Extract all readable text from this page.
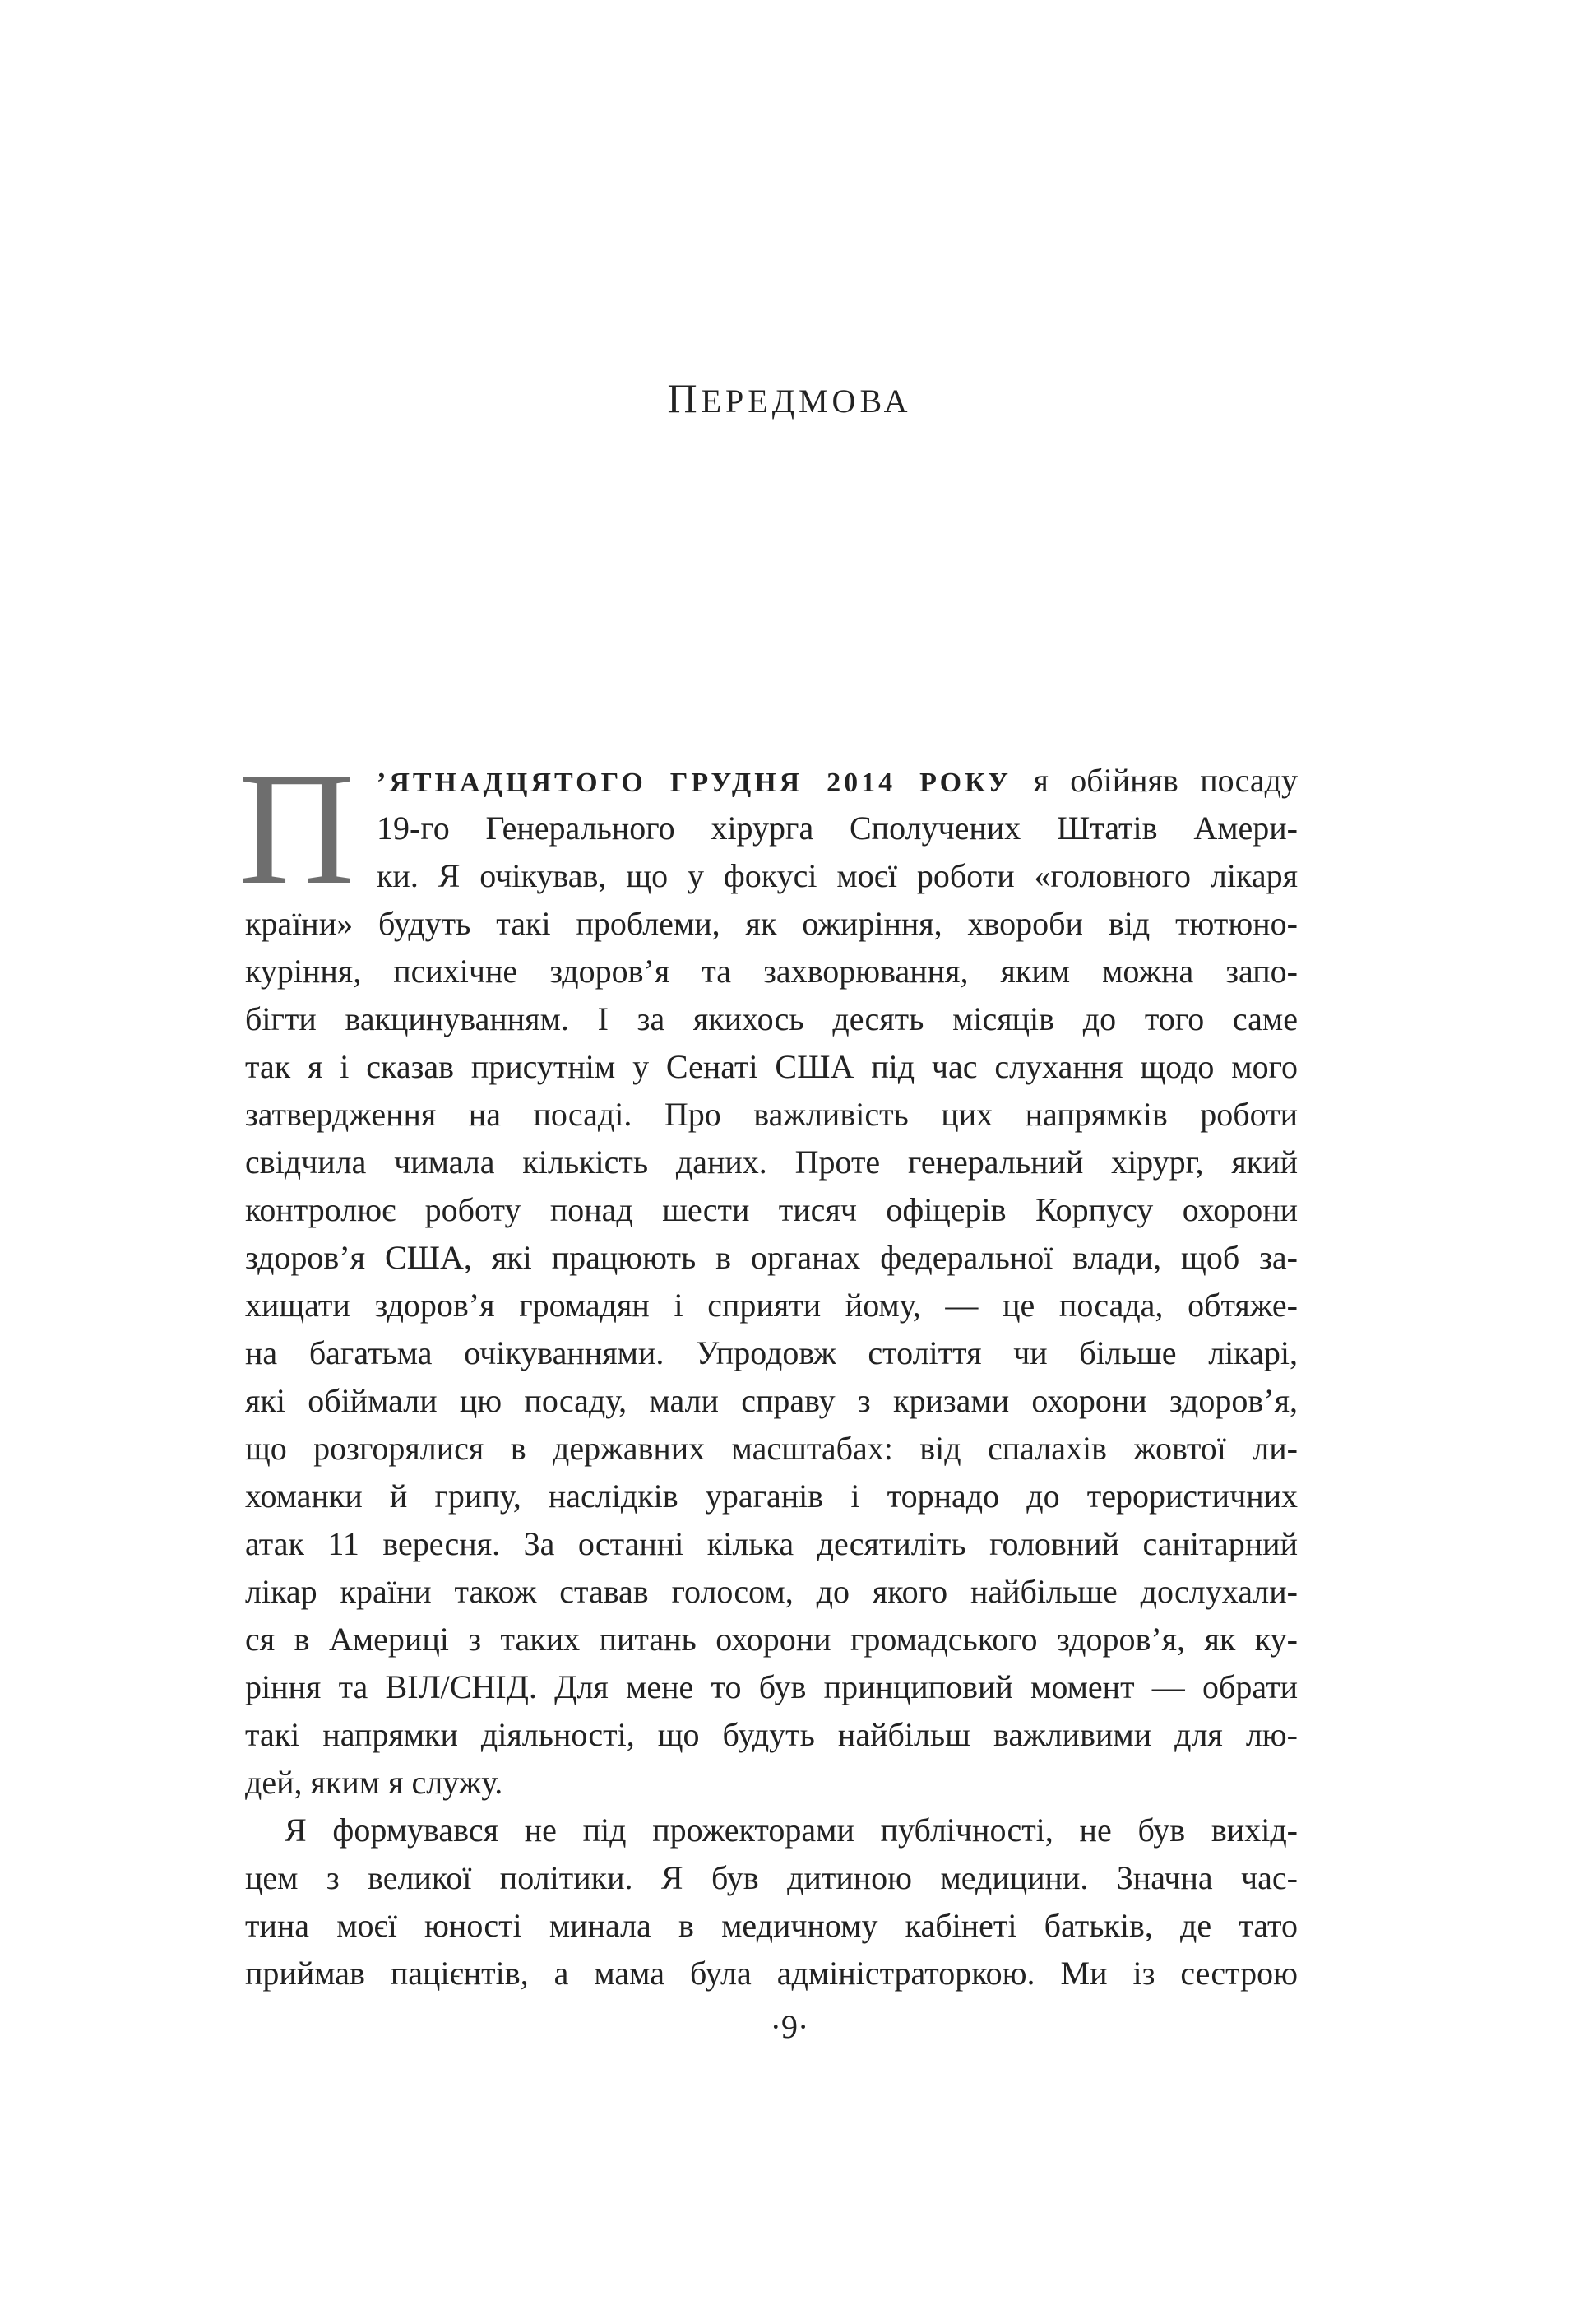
ПЕРЕДМОВА
П ’ЯТНАДЦЯТОГО ГРУДНЯ 2014 РОКУ я обійняв посаду
19-го Генерального хірурга Сполучених Штатів Амери-
ки. Я очікував, що у фокусі моєї роботи «головного лікаря
країни» будуть такі проблеми, як ожиріння, хвороби від тютюно-
куріння, психічне здоров’я та захворювання, яким можна запо-
бігти вакцинуванням. І за якихось десять місяців до того саме
так я і сказав присутнім у Сенаті США під час слухання щодо мого
затвердження на посаді. Про важливість цих напрямків роботи
свідчила чимала кількість даних. Проте генеральний хірург, який
контролює роботу понад шести тисяч офіцерів Корпусу охорони
здоров’я США, які працюють в органах федеральної влади, щоб за-
хищати здоров’я громадян і сприяти йому, — це посада, обтяже-
на багатьма очікуваннями. Упродовж століття чи більше лікарі,
які обіймали цю посаду, мали справу з кризами охорони здоров’я,
що розгорялися в державних масштабах: від спалахів жовтої ли-
хоманки й грипу, наслідків ураганів і торнадо до терористичних
атак 11 вересня. За останні кілька десятиліть головний санітарний
лікар країни також ставав голосом, до якого найбільше дослухали-
ся в Америці з таких питань охорони громадського здоров’я, як ку-
ріння та ВІЛ/СНІД. Для мене то був принциповий момент — обрати
такі напрямки діяльності, що будуть найбільш важливими для лю-
дей, яким я служу.
Я формувався не під прожекторами публічності, не був вихід-
цем з великої політики. Я був дитиною медицини. Значна час-
тина моєї юності минала в медичному кабінеті батьків, де тато
приймав пацієнтів, а мама була адміністраторкою. Ми із сестрою
·9·
